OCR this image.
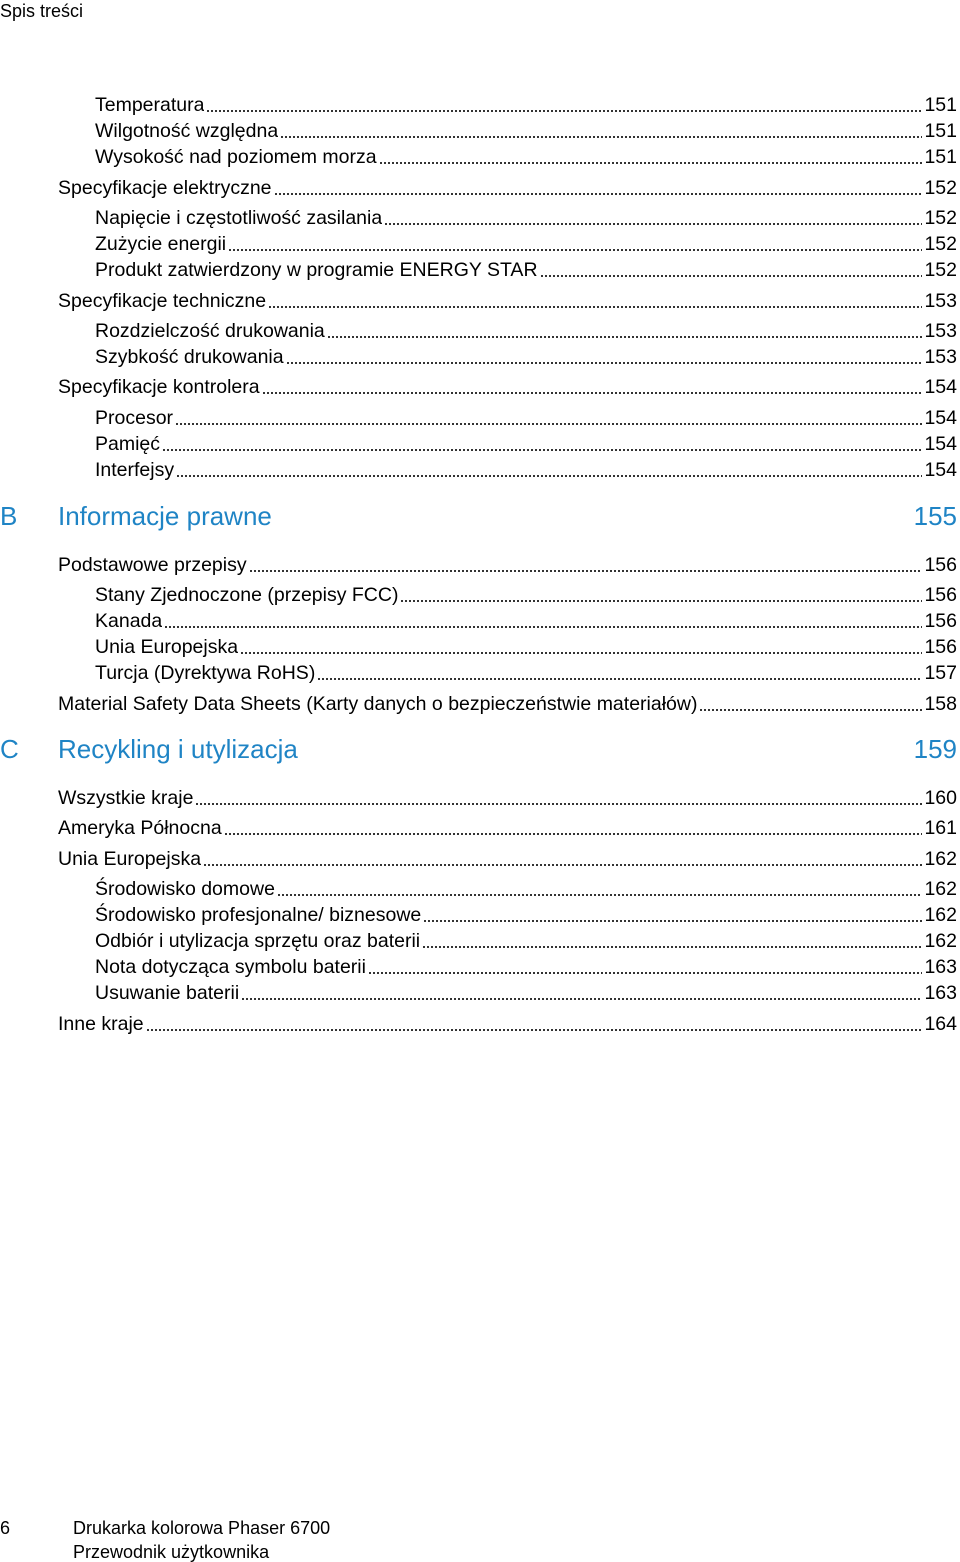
Spis treści
Temperatura	151
Wilgotność względna	151
Wysokość nad poziomem morza	151
Specyfikacje elektryczne	152
Napięcie i częstotliwość zasilania	152
Zużycie energii	152
Produkt zatwierdzony w programie ENERGY STAR	152
Specyfikacje techniczne	153
Rozdzielczość drukowania	153
Szybkość drukowania	153
Specyfikacje kontrolera	154
Procesor	154
Pamięć	154
Interfejsy	154
B	Informacje prawne	155
Podstawowe przepisy	156
Stany Zjednoczone (przepisy FCC)	156
Kanada	156
Unia Europejska	156
Turcja (Dyrektywa RoHS)	157
Material Safety Data Sheets (Karty danych o bezpieczeństwie materiałów)	158
C	Recykling i utylizacja	159
Wszystkie kraje	160
Ameryka Północna	161
Unia Europejska	162
Środowisko domowe	162
Środowisko profesjonalne/ biznesowe	162
Odbiór i utylizacja sprzętu oraz baterii	162
Nota dotycząca symbolu baterii	163
Usuwanie baterii	163
Inne kraje	164
6	Drukarka kolorowa Phaser 6700
Przewodnik użytkownika
